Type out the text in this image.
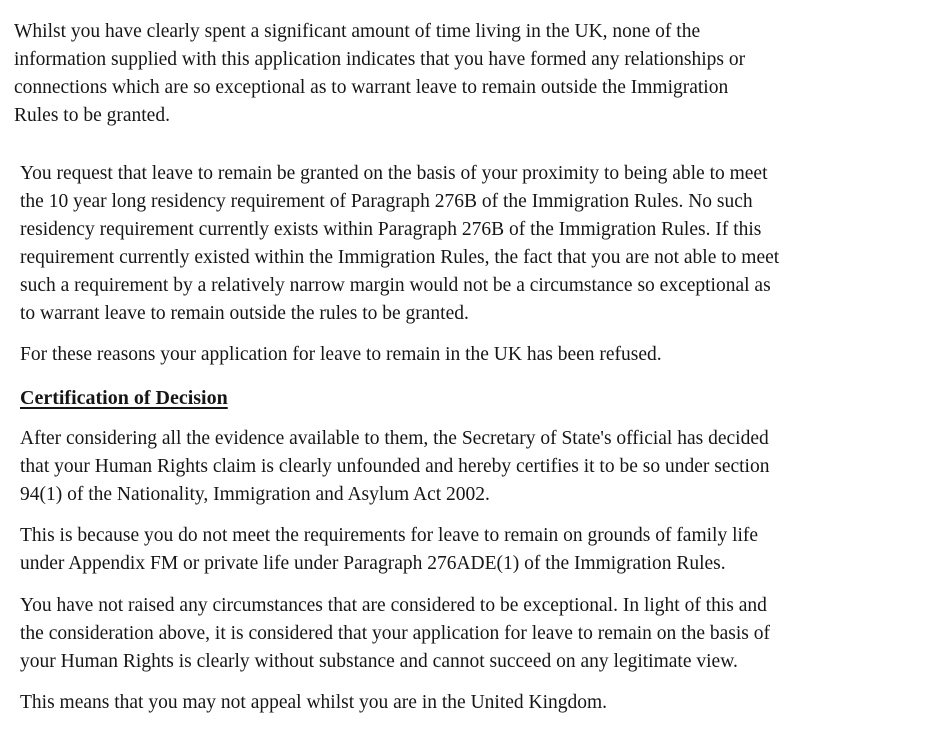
Whilst you have clearly spent a significant amount of time living in the UK, none of the
information supplied with this application indicates that you have formed any relationships or
connections which are so exceptional as to warrant leave to remain outside the Immigration
Rules to be granted.

You request that leave to remain be granted on the basis of your proximity to being able to meet
the 10 year long residency requirement of Paragraph 276B of the Immigration Rules. No such
residency requirement currently exists within Paragraph 276B of the Immigration Rules. If this
requirement currently existed within the Immigration Rules, the fact that you are not able to meet
such a requirement by a relatively narrow margin would not be a circumstance so exceptional as
to warrant leave to remain outside the rules to be granted.

For these reasons your application for leave to remain in the UK has been refused.

Certification of Decision

After considering all the evidence available to them, the Secretary of State's official has decided
that your Human Rights claim is clearly unfounded and hereby certifies it to be so under section
94(1) of the Nationality, Immigration and Asylum Act 2002.

This is because you do not meet the requirements for leave to remain on grounds of family life
under Appendix FM or private life under Paragraph 276ADE(1) of the Immigration Rules.

You have not raised any circumstances that are considered to be exceptional. In light of this and
the consideration above, it is considered that your application for leave to remain on the basis of
your Human Rights is clearly without substance and cannot succeed on any legitimate view.

This means that you may not appeal whilst you are in the United Kingdom.
